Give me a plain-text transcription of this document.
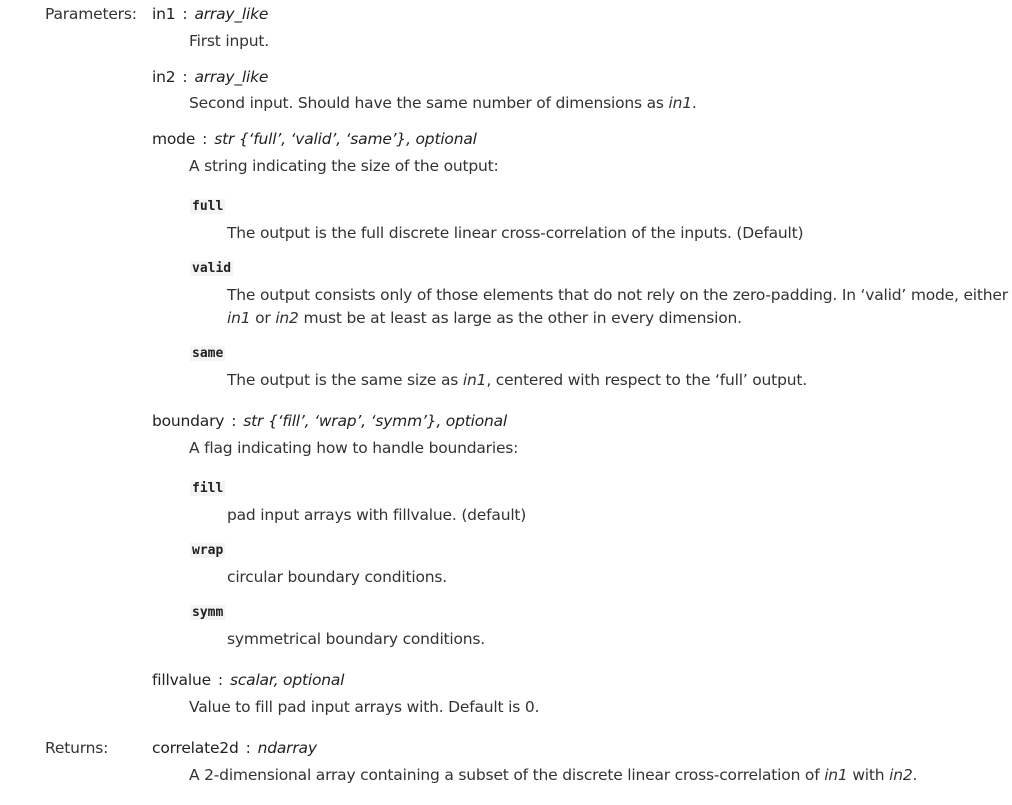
Parameters:
Returns:
in1 : array_like
First input.
in2 : array_like
Second input. Should have the same number of dimensions as in1.
mode : str {‘full’, ‘valid’, ‘same’}, optional
A string indicating the size of the output:
full
The output is the full discrete linear cross-correlation of the inputs. (Default)
valid
The output consists only of those elements that do not rely on the zero-padding. In ‘valid’ mode, either
in1 or in2 must be at least as large as the other in every dimension.
same
The output is the same size as in1, centered with respect to the ‘full’ output.
boundary : str {‘fill’, ‘wrap’, ‘symm’}, optional
A flag indicating how to handle boundaries:
fill
pad input arrays with fillvalue. (default)
wrap
circular boundary conditions.
symm
symmetrical boundary conditions.
fillvalue : scalar, optional
Value to fill pad input arrays with. Default is 0.
correlate2d : ndarray
A 2-dimensional array containing a subset of the discrete linear cross-correlation of in1 with in2.
